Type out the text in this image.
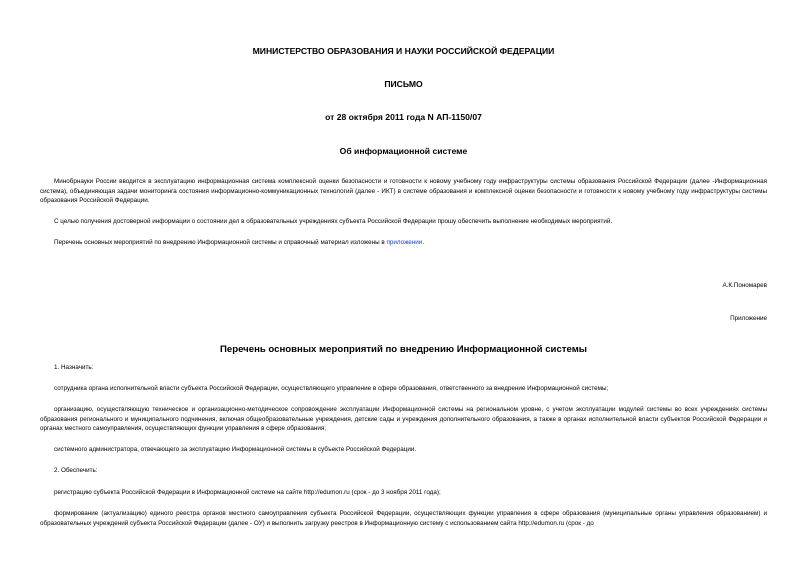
МИНИСТЕРСТВО ОБРАЗОВАНИЯ И НАУКИ РОССИЙСКОЙ ФЕДЕРАЦИИ
ПИСЬМО
от 28 октября 2011 года N АП-1150/07
Об информационной системе
Минобрнауки России вводится в эксплуатацию информационная система комплексной оценки безопасности и готовности к новому учебному году инфраструктуры системы образования Российской Федерации (далее -Информационная система), объединяющая задачи мониторинга состояния информационно-коммуникационных технологий (далее - ИКТ) в системе образования и комплексной оценки безопасности и готовности к новому учебному году инфраструктуры системы образования Российской Федерации.
С целью получения достоверной информации о состоянии дел в образовательных учреждениях субъекта Российской Федерации прошу обеспечить выполнение необходимых мероприятий.
Перечень основных мероприятий по внедрению Информационной системы и справочный материал изложены в приложении.
А.К.Пономарев
Приложение
Перечень основных мероприятий по внедрению Информационной системы
1. Назначить:
сотрудника органа исполнительной власти субъекта Российской Федерации, осуществляющего управление в сфере образования, ответственного за внедрение Информационной системы;
организацию, осуществляющую техническое и организационно-методическое сопровождение эксплуатации Информационной системы на региональном уровне, с учетом эксплуатации модулей системы во всех учреждениях системы образования регионального и муниципального подчинения, включая общеобразовательные учреждения, детские сады и учреждения дополнительного образования, а также в органах исполнительной власти субъектов Российской Федерации и органах местного самоуправления, осуществляющих функции управления в сфере образования;
системного администратора, отвечающего за эксплуатацию Информационной системы в субъекте Российской Федерации.
2. Обеспечить:
регистрацию субъекта Российской Федерации в Информационной системе на сайте http://edumon.ru (срок - до 3 ноября 2011 года);
формирование (актуализацию) единого реестра органов местного самоуправления субъекта Российской Федерации, осуществляющих функции управления в сфере образования (муниципальные органы управления образованием) и образовательных учреждений субъекта Российской Федерации (далее - ОУ) и выполнить загрузку реестров в Информационную систему с использованием сайта http://edumon.ru (срок - до
